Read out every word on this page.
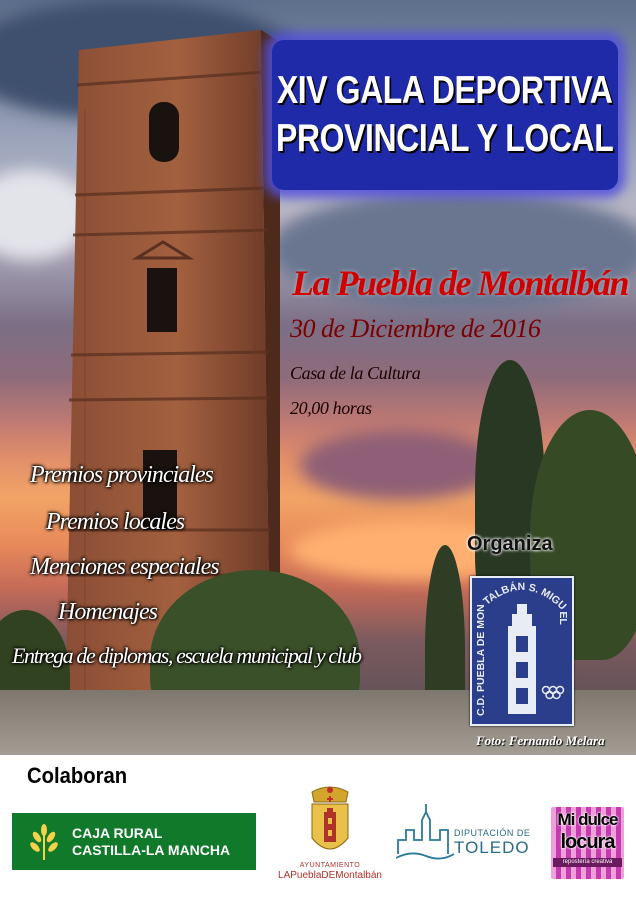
XIV GALA DEPORTIVA
PROVINCIAL Y LOCAL
La Puebla de Montalbán
30 de Diciembre de 2016
Casa de la Cultura
20,00 horas
Premios provinciales
Premios locales
Menciones especiales
Homenajes
Entrega de diplomas, escuela municipal y club
Organiza
C.D. PUEBLA DE MONTALBÁN S. MIGUEL
Foto: Fernando Melara
Colaboran
CAJA RURAL
CASTILLA-LA MANCHA
AYUNTAMIENTO
LAPueblaDEMontalbán
DIPUTACIÓN DE
TOLEDO
Mi dulce
locura
repostería creativa
